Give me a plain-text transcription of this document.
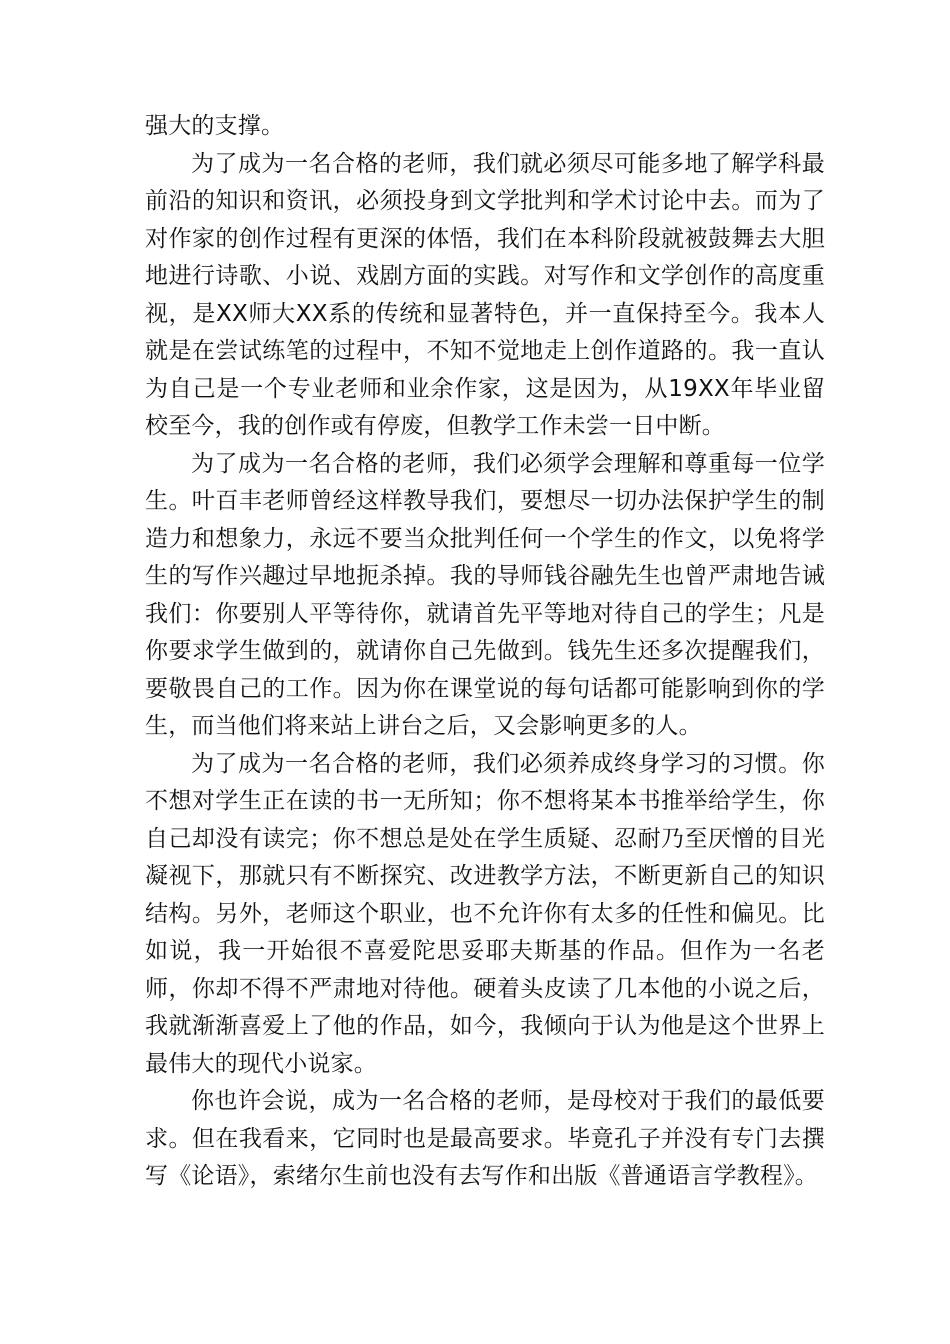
强大的支撑。

为了成为一名合格的老师，我们就必须尽可能多地了解学科最前沿的知识和资讯，必须投身到文学批判和学术讨论中去。而为了对作家的创作过程有更深的体悟，我们在本科阶段就被鼓舞去大胆地进行诗歌、小说、戏剧方面的实践。对写作和文学创作的高度重视，是XX师大XX系的传统和显著特色，并一直保持至今。我本人就是在尝试练笔的过程中，不知不觉地走上创作道路的。我一直认为自己是一个专业老师和业余作家，这是因为，从19XX年毕业留校至今，我的创作或有停废，但教学工作未尝一日中断。

为了成为一名合格的老师，我们必须学会理解和尊重每一位学生。叶百丰老师曾经这样教导我们，要想尽一切办法保护学生的制造力和想象力，永远不要当众批判任何一个学生的作文，以免将学生的写作兴趣过早地扼杀掉。我的导师钱谷融先生也曾严肃地告诫我们：你要别人平等待你，就请首先平等地对待自己的学生；凡是你要求学生做到的，就请你自己先做到。钱先生还多次提醒我们，要敬畏自己的工作。因为你在课堂说的每句话都可能影响到你的学生，而当他们将来站上讲台之后，又会影响更多的人。

为了成为一名合格的老师，我们必须养成终身学习的习惯。你不想对学生正在读的书一无所知；你不想将某本书推举给学生，你自己却没有读完；你不想总是处在学生质疑、忍耐乃至厌憎的目光凝视下，那就只有不断探究、改进教学方法，不断更新自己的知识结构。另外，老师这个职业，也不允许你有太多的任性和偏见。比如说，我一开始很不喜爱陀思妥耶夫斯基的作品。但作为一名老师，你却不得不严肃地对待他。硬着头皮读了几本他的小说之后，我就渐渐喜爱上了他的作品，如今，我倾向于认为他是这个世界上最伟大的现代小说家。

你也许会说，成为一名合格的老师，是母校对于我们的最低要求。但在我看来，它同时也是最高要求。毕竟孔子并没有专门去撰写《论语》，索绪尔生前也没有去写作和出版《普通语言学教程》。
